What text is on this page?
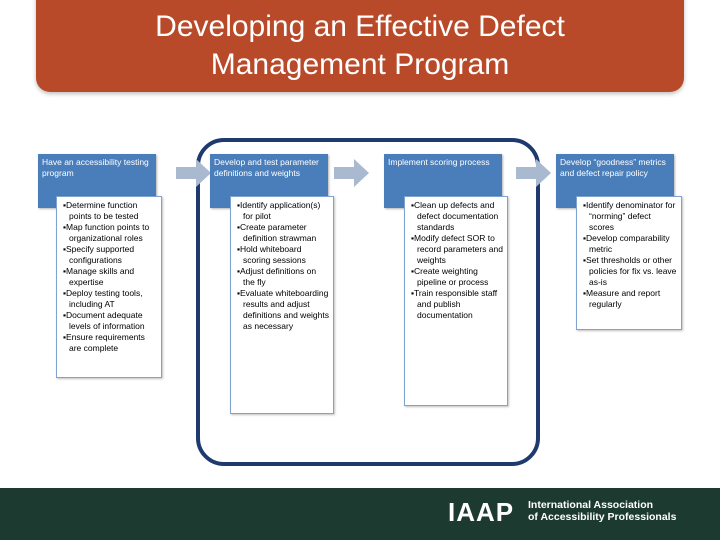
Developing an Effective Defect
Management Program
Have an accessibility testing program
▪Determine function points to be tested
▪Map function points to organizational roles
▪Specify supported configurations
▪Manage skills and expertise
▪Deploy testing tools, including AT
▪Document adequate levels of information
▪Ensure requirements are complete
Develop and test parameter definitions and weights
▪Identify application(s) for pilot
▪Create parameter definition strawman
▪Hold whiteboard scoring sessions
▪Adjust definitions on the fly
▪Evaluate whiteboarding results and adjust definitions and weights as necessary
Implement scoring process
▪Clean up defects and defect documentation standards
▪Modify defect SOR to record parameters and weights
▪Create weighting pipeline or process
▪Train responsible staff and publish documentation
Develop “goodness” metrics and defect repair policy
▪Identify denominator for “norming” defect scores
▪Develop comparability metric
▪Set thresholds or other policies for fix vs. leave as-is
▪Measure and report regularly
IAAP International Association
of Accessibility Professionals
